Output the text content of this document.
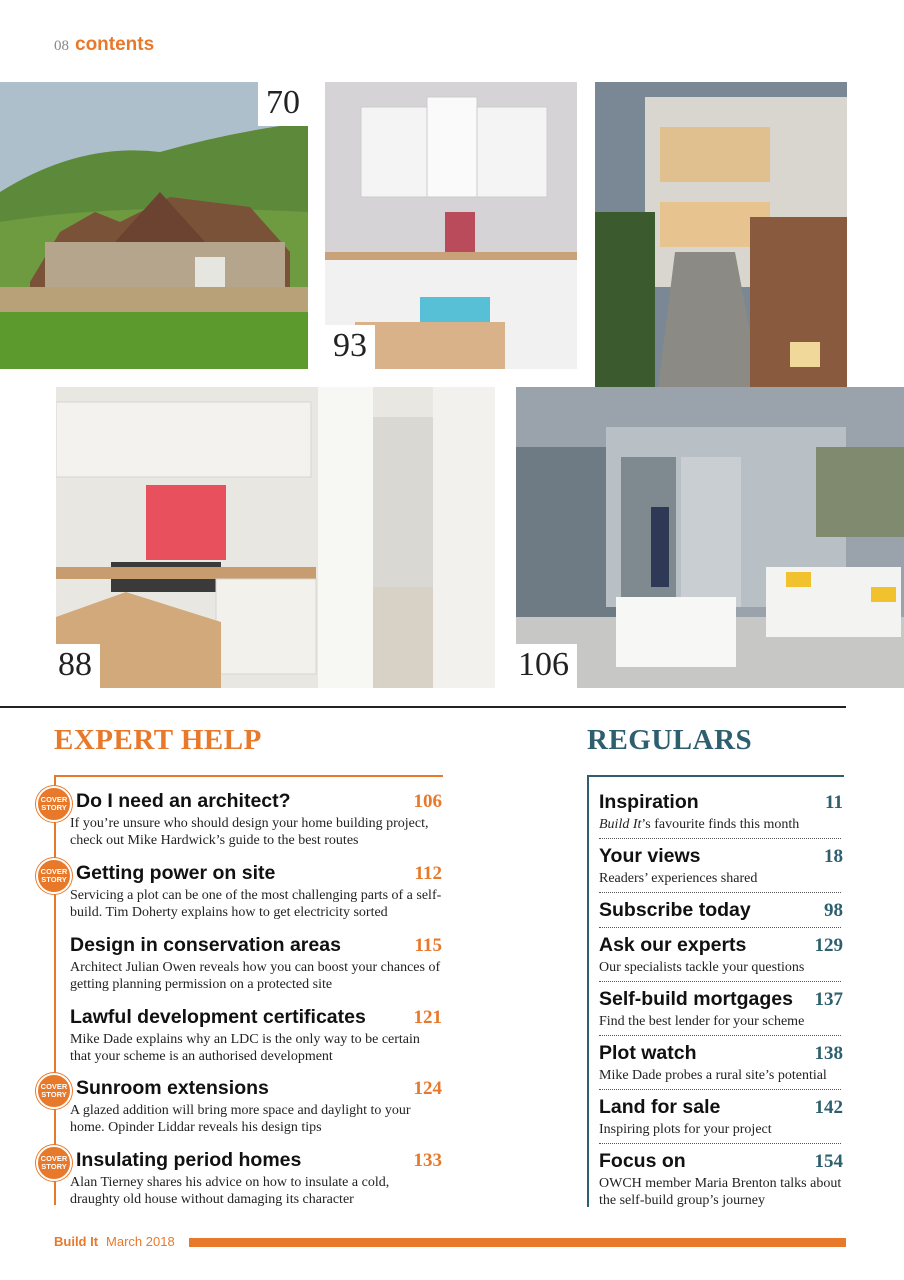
08 contents
70
93
88	106
EXPERT HELP
COVER
STORY Do I need an architect?	106
If you’re unsure who should design your home building project, check out Mike Hardwick’s guide to the best routes
COVER
STORY Getting power on site	112
Servicing a plot can be one of the most challenging parts of a self-build. Tim Doherty explains how to get electricity sorted
Design in conservation areas	115
Architect Julian Owen reveals how you can boost your chances of getting planning permission on a protected site
Lawful development certificates	121
Mike Dade explains why an LDC is the only way to be certain that your scheme is an authorised development
COVER
STORY Sunroom extensions	124
A glazed addition will bring more space and daylight to your home. Opinder Liddar reveals his design tips
COVER
STORY Insulating period homes	133
Alan Tierney shares his advice on how to insulate a cold, draughty old house without damaging its character
REGULARS
Inspiration	11
Build It’s favourite finds this month
Your views	18
Readers’ experiences shared
Subscribe today	98
Ask our experts	129
Our specialists tackle your questions
Self-build mortgages 137
Find the best lender for your scheme
Plot watch	138
Mike Dade probes a rural site’s potential
Land for sale	142
Inspiring plots for your project
Focus on	154
OWCH member Maria Brenton talks about the self-build group’s journey
Build It March 2018
